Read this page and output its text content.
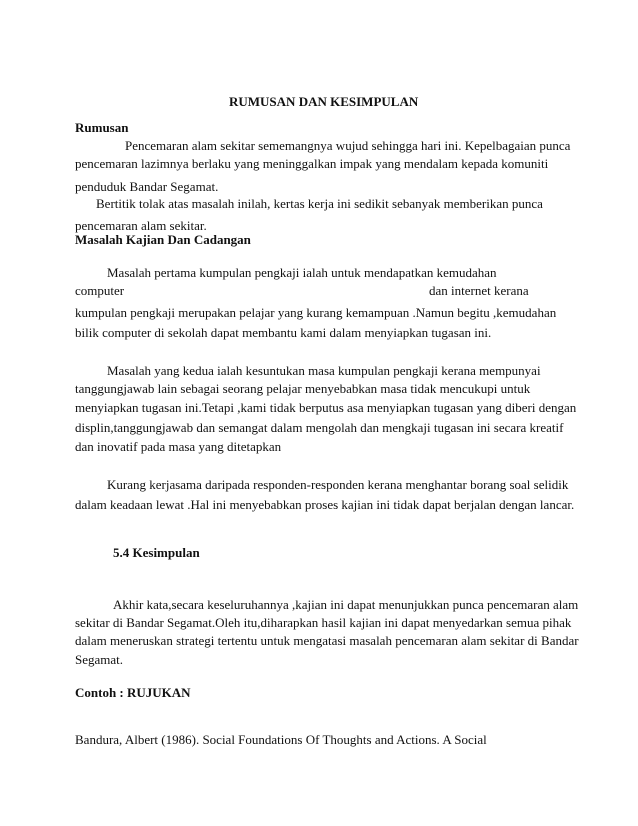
RUMUSAN DAN KESIMPULAN
Rumusan
Pencemaran alam sekitar sememangnya wujud sehingga hari ini. Kepelbagaian punca
pencemaran lazimnya berlaku yang meninggalkan impak yang mendalam kepada komuniti
penduduk Bandar Segamat.
Bertitik tolak atas masalah inilah, kertas kerja ini sedikit sebanyak memberikan punca
pencemaran alam sekitar.
Masalah Kajian Dan Cadangan
Masalah pertama kumpulan pengkaji ialah untuk mendapatkan kemudahan
computer	dan internet kerana
kumpulan pengkaji merupakan pelajar yang kurang kemampuan .Namun begitu ,kemudahan
bilik computer di sekolah dapat membantu kami dalam menyiapkan tugasan ini.
Masalah yang kedua ialah kesuntukan masa kumpulan pengkaji kerana mempunyai
tanggungjawab lain sebagai seorang pelajar menyebabkan masa tidak mencukupi untuk
menyiapkan tugasan ini.Tetapi ,kami tidak berputus asa menyiapkan tugasan yang diberi dengan
displin,tanggungjawab dan semangat dalam mengolah dan mengkaji tugasan ini secara kreatif
dan inovatif pada masa yang ditetapkan
Kurang kerjasama daripada responden-responden kerana menghantar borang soal selidik
dalam keadaan lewat .Hal ini menyebabkan proses kajian ini tidak dapat berjalan dengan lancar.
5.4 Kesimpulan
Akhir kata,secara keseluruhannya ,kajian ini dapat menunjukkan punca pencemaran alam
sekitar di Bandar Segamat.Oleh itu,diharapkan hasil kajian ini dapat menyedarkan semua pihak
dalam meneruskan strategi tertentu untuk mengatasi masalah pencemaran alam sekitar di Bandar
Segamat.
Contoh : RUJUKAN
Bandura, Albert (1986). Social Foundations Of Thoughts and Actions. A Social
